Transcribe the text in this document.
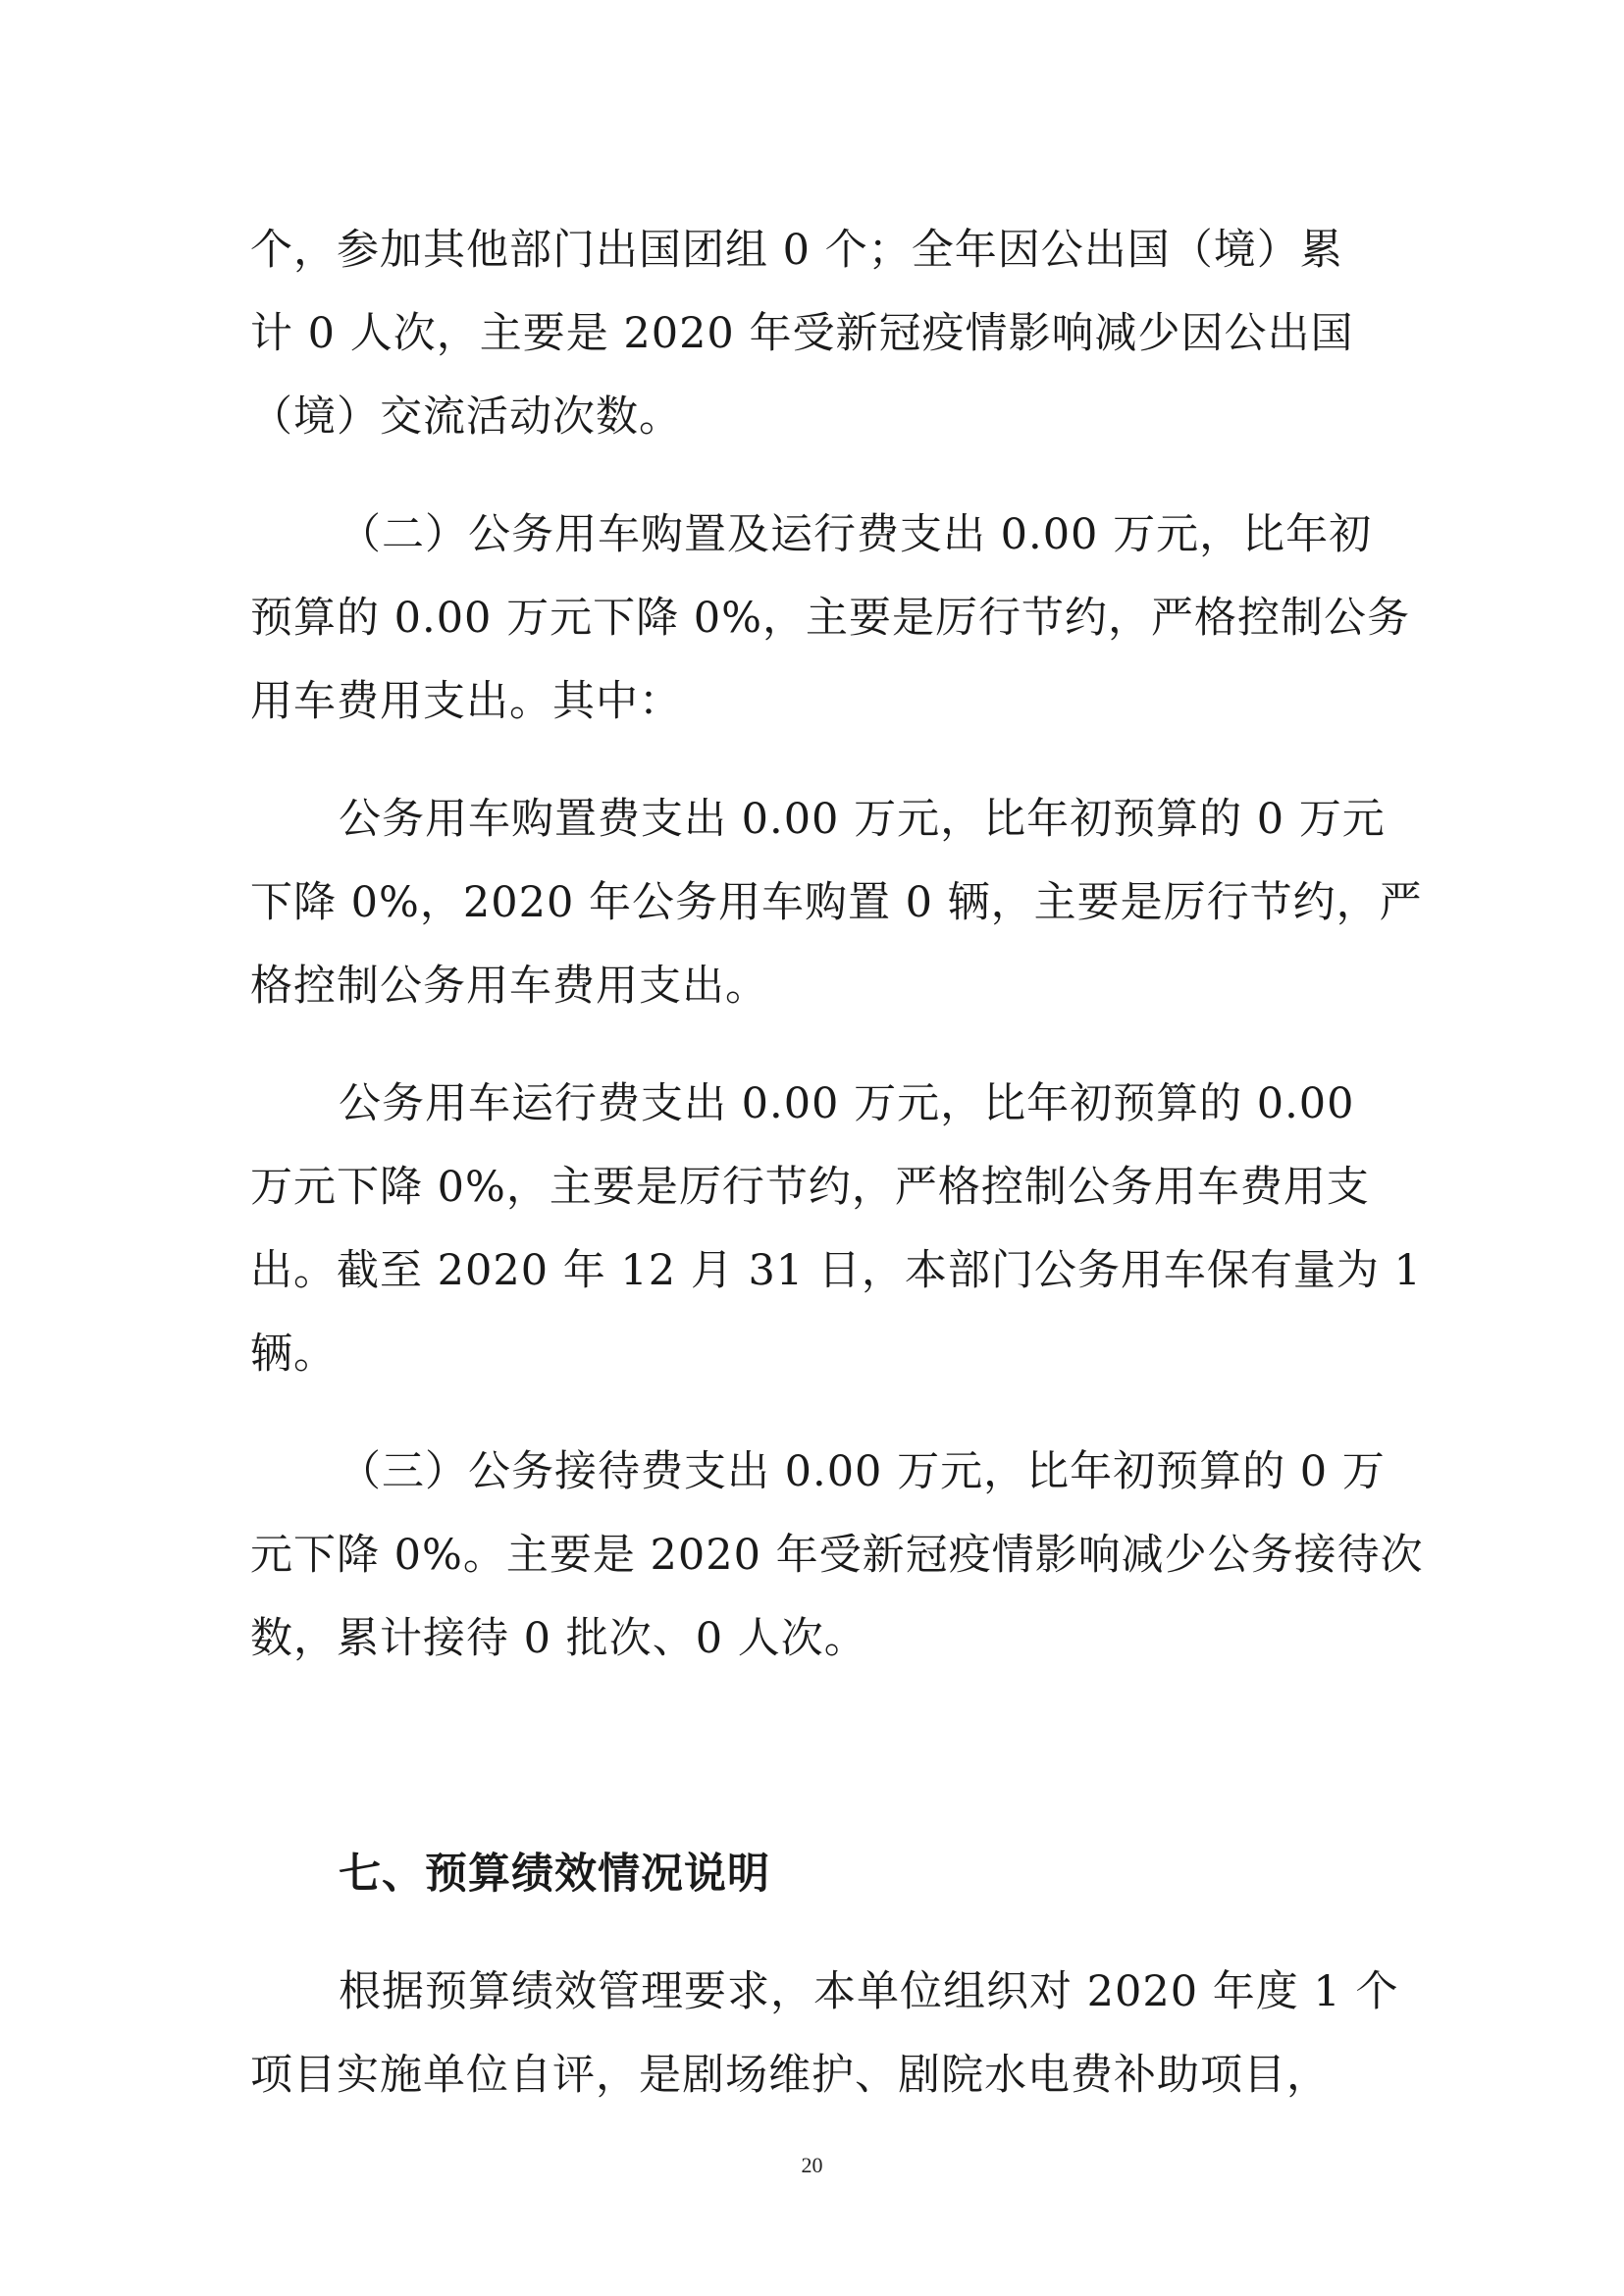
个，参加其他部门出国团组 0 个；全年因公出国（境）累
计 0 人次，主要是 2020 年受新冠疫情影响减少因公出国
（境）交流活动次数。
（二）公务用车购置及运行费支出 0.00 万元，比年初
预算的 0.00 万元下降 0%，主要是厉行节约，严格控制公务
用车费用支出。其中：
公务用车购置费支出 0.00 万元，比年初预算的 0 万元
下降 0%，2020 年公务用车购置 0 辆，主要是厉行节约，严
格控制公务用车费用支出。
公务用车运行费支出 0.00 万元，比年初预算的 0.00
万元下降 0%，主要是厉行节约，严格控制公务用车费用支
出。截至 2020 年 12 月 31 日，本部门公务用车保有量为 1
辆。
（三）公务接待费支出 0.00 万元，比年初预算的 0 万
元下降 0%。主要是 2020 年受新冠疫情影响减少公务接待次
数，累计接待 0 批次、0 人次。
七、预算绩效情况说明
根据预算绩效管理要求，本单位组织对 2020 年度 1 个
项目实施单位自评，是剧场维护、剧院水电费补助项目，
20
